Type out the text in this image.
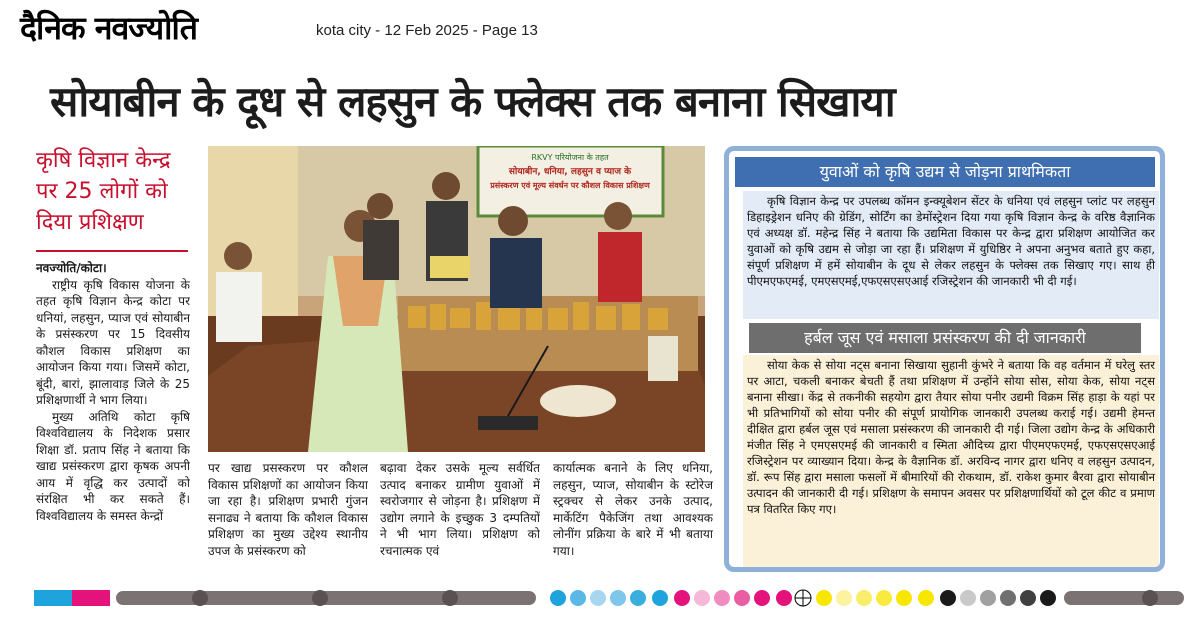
दैनिक नवज्योति	kota city - 12 Feb 2025 - Page 13
सोयाबीन के दूध से लहसुन के फ्लेक्स तक बनाना सिखाया
कृषि विज्ञान केन्द्र पर 25 लोगों को दिया प्रशिक्षण
नवज्योति/कोटा।

राष्ट्रीय कृषि विकास योजना के तहत कृषि विज्ञान केन्द्र कोटा पर धनियां, लहसुन, प्याज एवं सोयाबीन के प्रसंस्करण पर 15 दिवसीय कौशल विकास प्रशिक्षण का आयोजन किया गया। जिसमें कोटा, बूंदी, बारां, झालावाड़ जिले के 25 प्रशिक्षणार्थी ने भाग लिया।

मुख्य अतिथि कोटा कृषि विश्वविद्यालय के निदेशक प्रसार शिक्षा डॉ. प्रताप सिंह ने बताया कि खाद्य प्रसंस्करण द्वारा कृषक अपनी आय में वृद्धि कर उत्पादों को संरक्षित भी कर सकते हैं। विश्वविद्यालय के समस्त केन्द्रों

RKVY परियोजना के तहत
सोयाबीन, धनिया, लहसुन व प्याज के
प्रसंस्करण एवं मूल्य संवर्धन पर कौशल विकास प्रशिक्षण
पर खाद्य प्रसस्करण पर कौशल विकास प्रशिक्षणों का आयोजन किया जा रहा है। प्रशिक्षण प्रभारी गुंजन सनाढ्य ने बताया कि कौशल विकास प्रशिक्षण का मुख्य उद्देश्य स्थानीय उपज के प्रसंस्करण को
बढ़ावा देकर उसके मूल्य सर्वर्धित उत्पाद बनाकर ग्रामीण युवाओं में स्वरोजगार से जोड़ना है। प्रशिक्षण में उद्योग लगाने के इच्छुक 3 दम्पतियों ने भी भाग लिया। प्रशिक्षण को रचनात्मक एवं
कार्यात्मक बनाने के लिए धनिया, लहसुन, प्याज, सोयाबीन के स्टोरेज स्ट्रक्चर से लेकर उनके उत्पाद, मार्केटिंग पैकेजिंग तथा आवश्यक लोनींग प्रक्रिया के बारे में भी बताया गया।
युवाओं को कृषि उद्यम से जोड़ना प्राथमिकता

कृषि विज्ञान केन्द्र पर उपलब्ध कॉमन इन्क्यूबेशन सेंटर के धनिया एवं लहसुन प्लांट पर लहसुन डिहाइड्रेशन धनिए की ग्रेडिंग, सोर्टिंग का डेमोंस्ट्रेशन दिया गया कृषि विज्ञान केन्द्र के वरिष्ठ वैज्ञानिक एवं अध्यक्ष डॉ. महेन्द्र सिंह ने बताया कि उद्यमिता विकास पर केन्द्र द्वारा प्रशिक्षण आयोजित कर युवाओं को कृषि उद्यम से जोड़ा जा रहा हैं। प्रशिक्षण में युधिष्ठिर ने अपना अनुभव बताते हुए कहा, संपूर्ण प्रशिक्षण में हमें सोयाबीन के दूध से लेकर लहसुन के फ्लेक्स तक सिखाए गए। साथ ही पीएमएफएमई, एमएसएमई,एफएसएसएआई रजिस्ट्रेशन की जानकारी भी दी गई।

हर्बल जूस एवं मसाला प्रसंस्करण की दी जानकारी

सोया केक से सोया नट्स बनाना सिखाया सुहानी कुंभरे ने बताया कि वह वर्तमान में घरेलु स्तर पर आटा, चकली बनाकर बेचती हैं तथा प्रशिक्षण में उन्होंने सोया सोस, सोया केक, सोया नट्स बनाना सीखा। केंद्र से तकनीकी सहयोग द्वारा तैयार सोया पनीर उद्यमी विक्रम सिंह हाड़ा के यहां पर भी प्रतिभागियों को सोया पनीर की संपूर्ण प्रायोगिक जानकारी उपलब्ध कराई गई। उद्यमी हेमन्त दीक्षित द्वारा हर्बल जूस एवं मसाला प्रसंस्करण की जानकारी दी गई। जिला उद्योग केन्द्र के अधिकारी मंजीत सिंह ने एमएसएमई की जानकारी व स्मिता औदिच्य द्वारा पीएमएफएमई, एफएसएसएआई रजिस्ट्रेशन पर व्याख्यान दिया। केन्द्र के वैज्ञानिक डॉ. अरविन्द नागर द्वारा धनिए व लहसुन उत्पादन, डॉ. रूप सिंह द्वारा मसाला फसलों में बीमारियों की रोकथाम, डॉ. राकेश कुमार बैरवा द्वारा सोयाबीन उत्पादन की जानकारी दी गई। प्रशिक्षण के समापन अवसर पर प्रशिक्षणार्थियों को टूल कीट व प्रमाण पत्र वितरित किए गए।
